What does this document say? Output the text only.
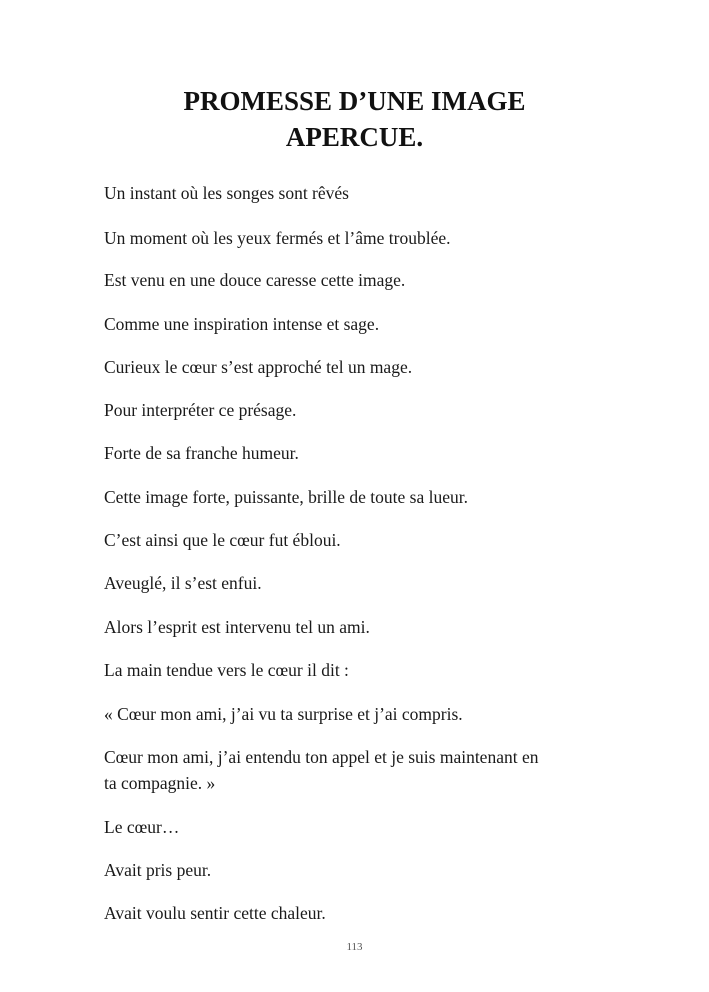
PROMESSE D’UNE IMAGE
APERCUE.

Un instant où les songes sont rêvés

Un moment où les yeux fermés et l’âme troublée.

Est venu en une douce caresse cette image.

Comme une inspiration intense et sage.

Curieux le cœur s’est approché tel un mage.

Pour interpréter ce présage.

Forte de sa franche humeur.

Cette image forte, puissante, brille de toute sa lueur.

C’est ainsi que le cœur fut ébloui.

Aveuglé, il s’est enfui.

Alors l’esprit est intervenu tel un ami.

La main tendue vers le cœur il dit :

« Cœur mon ami, j’ai vu ta surprise et j’ai compris.

Cœur mon ami, j’ai entendu ton appel et je suis maintenant en

ta compagnie. »

Le cœur…

Avait pris peur.

Avait voulu sentir cette chaleur.

113
